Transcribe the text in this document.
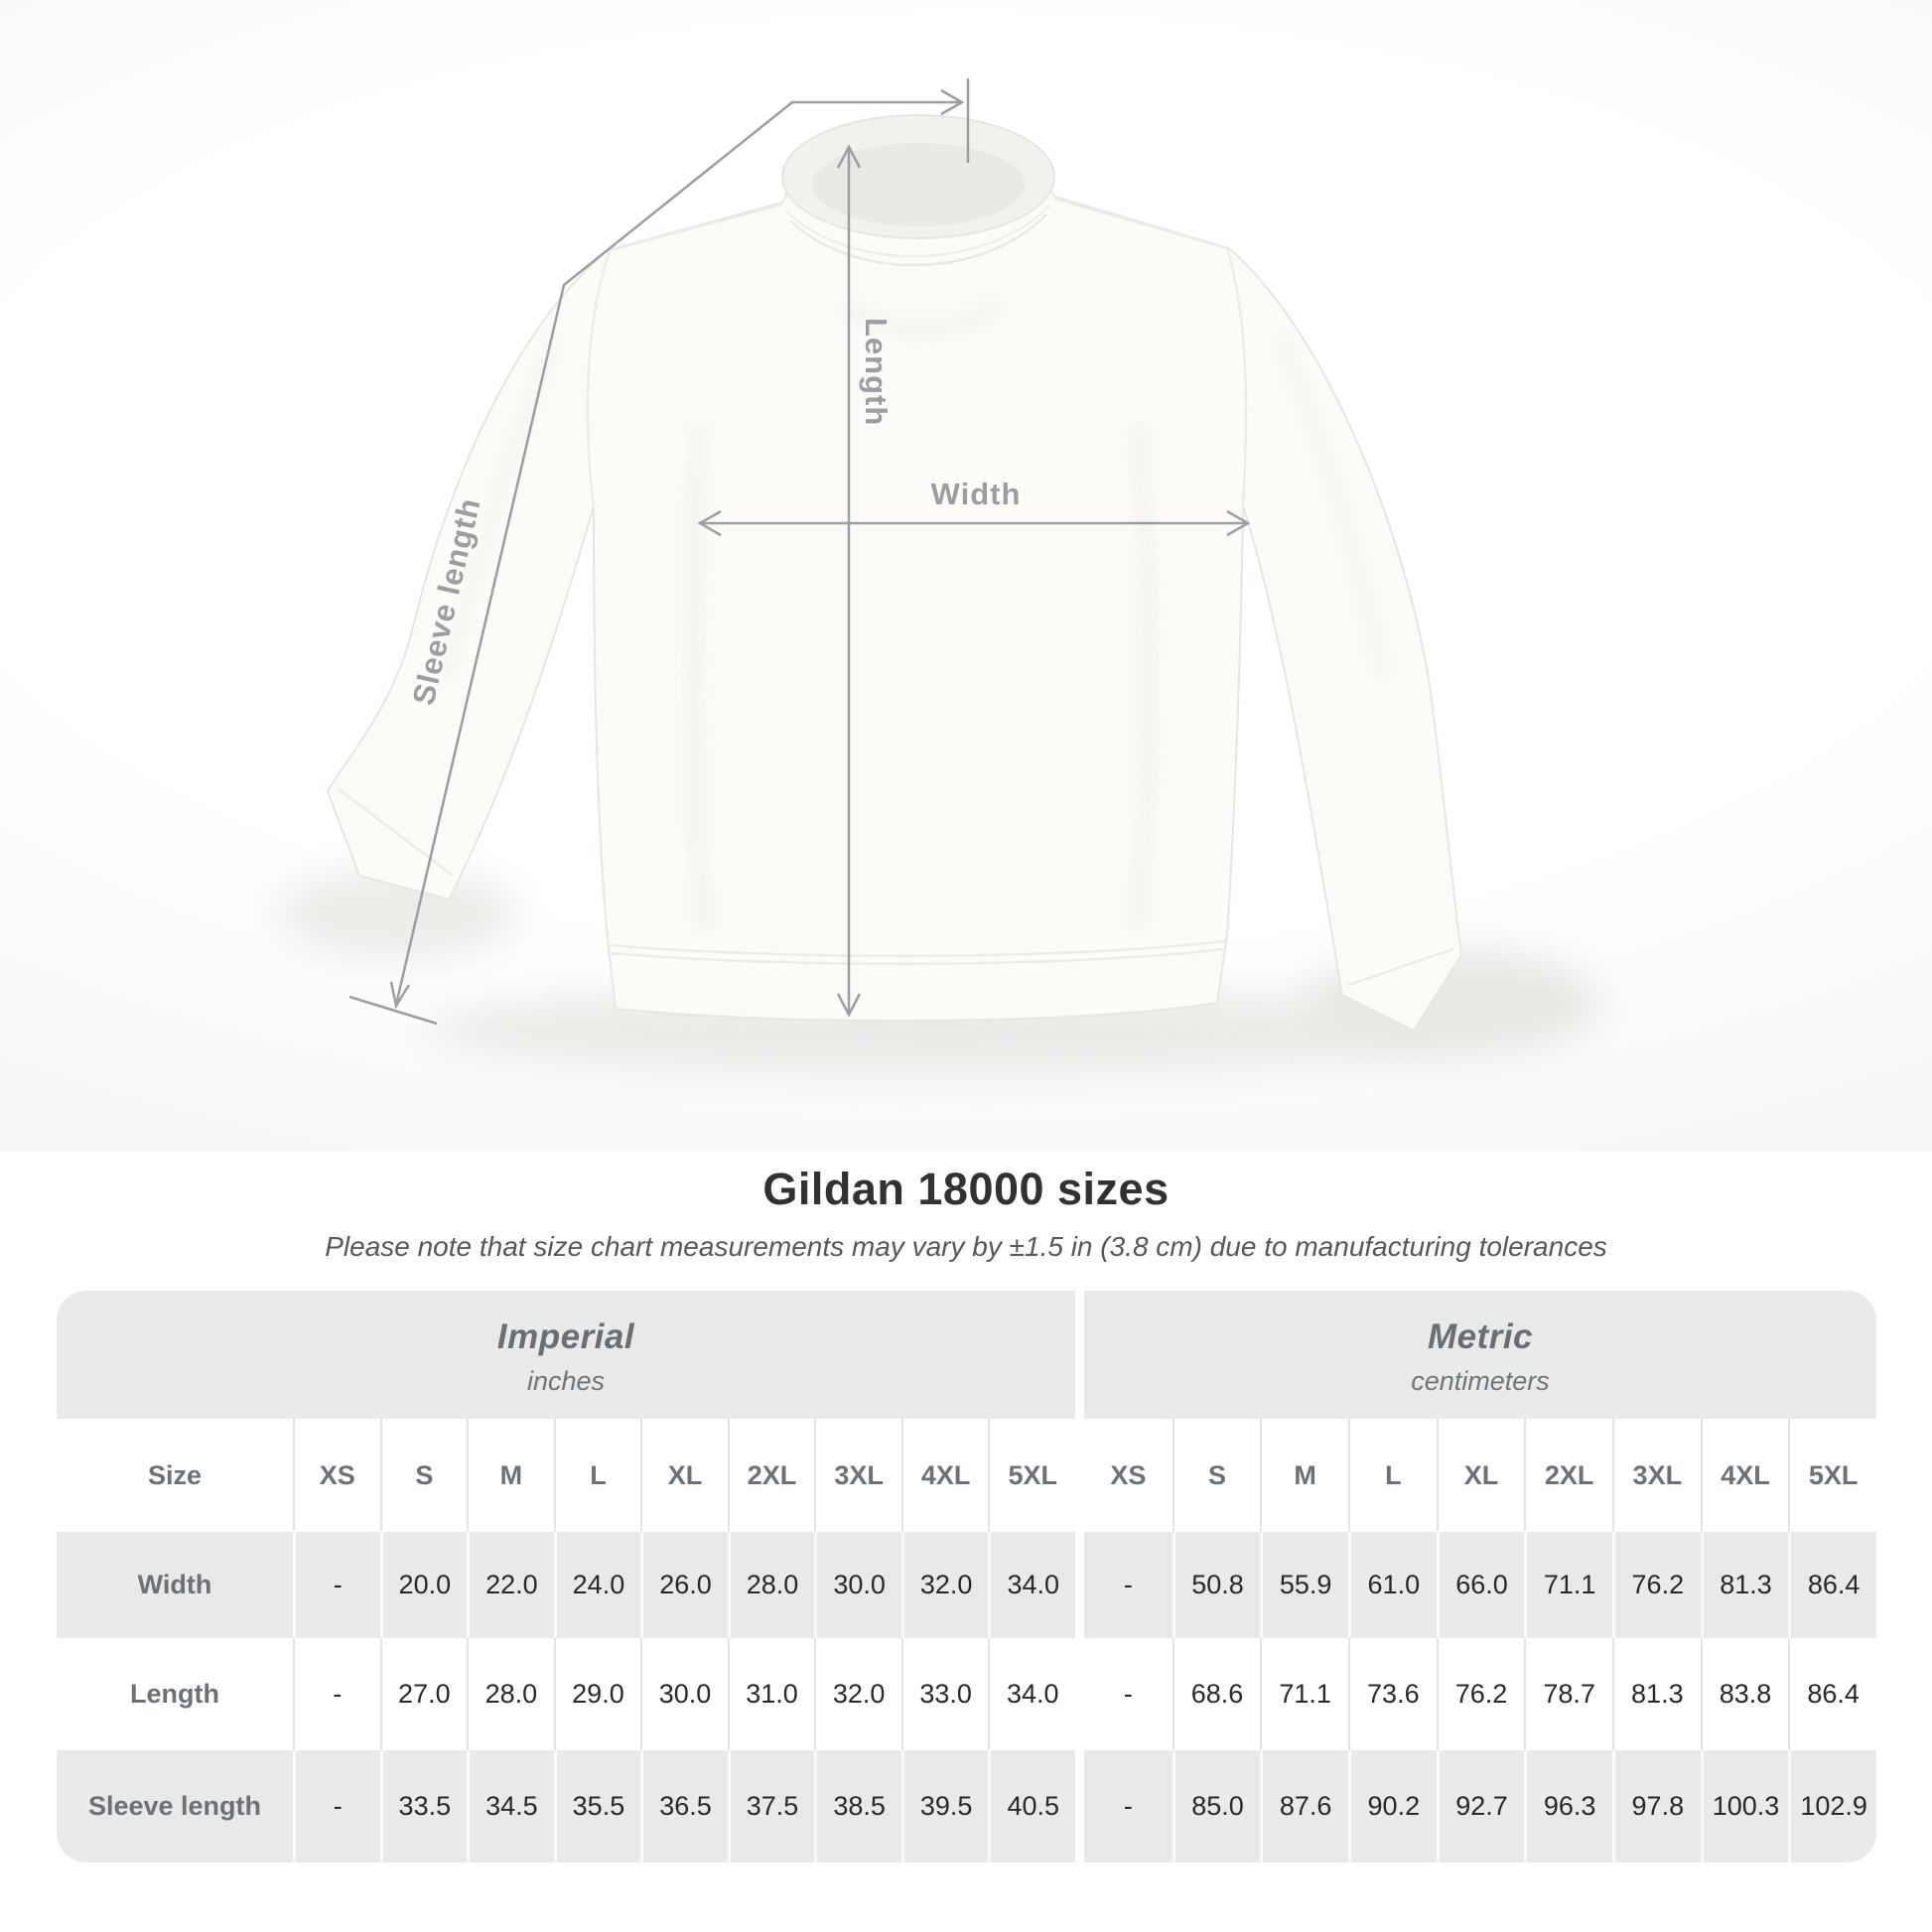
Length
Width
Sleeve length
Gildan 18000 sizes

Please note that size chart measurements may vary by ±1.5 in (3.8 cm) due to manufacturing tolerances

Imperial
inches
Size	XS	S	M	L	XL	2XL	3XL	4XL	5XL
Width	-	20.0	22.0	24.0	26.0	28.0	30.0	32.0	34.0
Length	-	27.0	28.0	29.0	30.0	31.0	32.0	33.0	34.0
Sleeve length	-	33.5	34.5	35.5	36.5	37.5	38.5	39.5	40.5
Metric
centimeters
XS	S	M	L	XL	2XL	3XL	4XL	5XL
-	50.8	55.9	61.0	66.0	71.1	76.2	81.3	86.4
-	68.6	71.1	73.6	76.2	78.7	81.3	83.8	86.4
-	85.0	87.6	90.2	92.7	96.3	97.8	100.3 102.9
